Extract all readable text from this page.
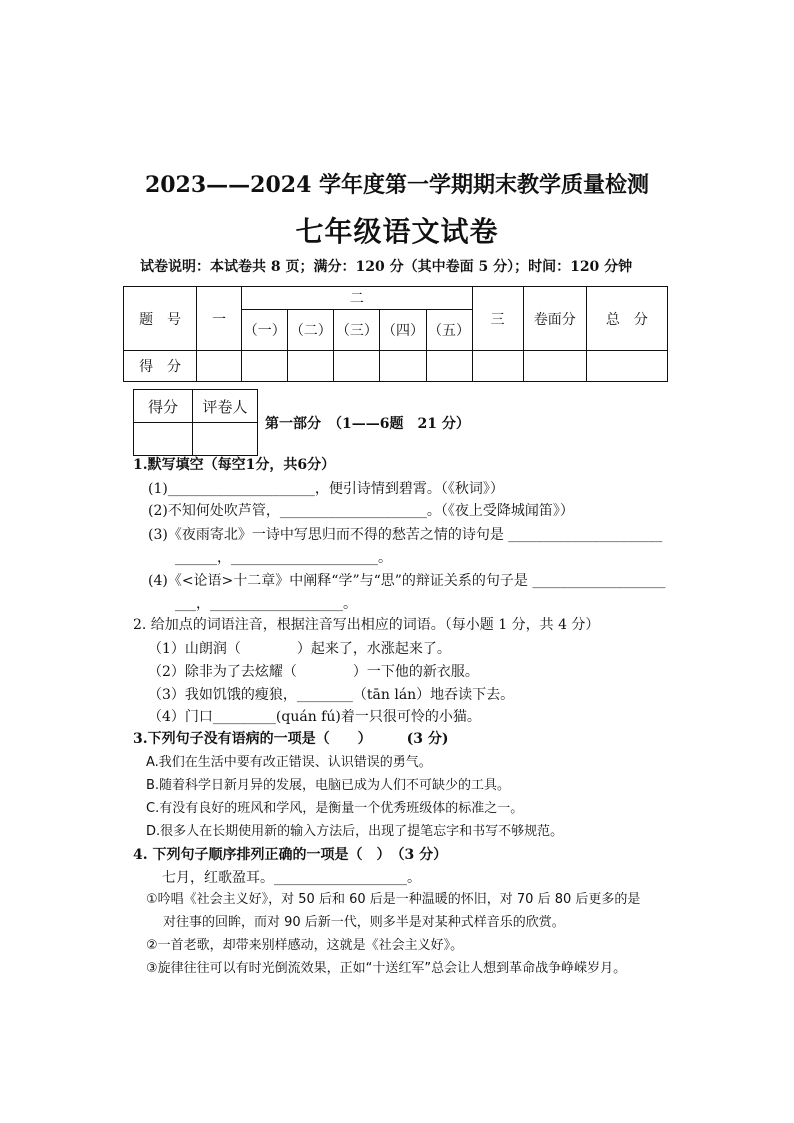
2023——2024 学年度第一学期期末教学质量检测
七年级语文试卷
试卷说明：本试卷共 8 页；满分：120 分（其中卷面 5 分）；时间：120 分钟
题　号	一	二					三	卷面分	总　分
		（一）	（二）	（三）	（四）	（五）			
得　分									
得分	评卷人

第一部分　（1——6题　21 分）
1.默写填空（每空1分，共6分）
(1)_____________________，便引诗情到碧霄。（《秋词》）
(2)不知何处吹芦管，_____________________。（《夜上受降城闻笛》）
(3)《夜雨寄北》一诗中写思归而不得的愁苦之情的诗句是 ______________________
______，_____________________。
(4)《<论语>十二章》中阐释“学”与“思”的辩证关系的句子是 ___________________
___，___________________。
2. 给加点的词语注音，根据注音写出相应的词语。（每小题 1 分，共 4 分）
（1）山朗润（　　　　）起来了，水涨起来了。
（2）除非为了去炫耀（　　　　）一下他的新衣服。
（3）我如饥饿的瘦狼，________（tān lán）地吞读下去。
（4）门口_________(quán fú)着一只很可怜的小猫。
3.下列句子没有语病的一项是（　　）　　　(3 分)
A.我们在生活中要有改正错误、认识错误的勇气。
B.随着科学日新月异的发展，电脑已成为人们不可缺少的工具。
C.有没有良好的班风和学风，是衡量一个优秀班级体的标准之一。
D.很多人在长期使用新的输入方法后，出现了提笔忘字和书写不够规范。
4. 下列句子顺序排列正确的一项是（　）　（3 分）
七月，红歌盈耳。___________________。
①吟唱《社会主义好》，对 50 后和 60 后是一种温暖的怀旧，对 70 后 80 后更多的是
对往事的回眸，而对 90 后新一代，则多半是对某种式样音乐的欣赏。
②一首老歌，却带来别样感动，这就是《社会主义好》。
③旋律往往可以有时光倒流效果，正如“十送红军”总会让人想到革命战争峥嵘岁月。
